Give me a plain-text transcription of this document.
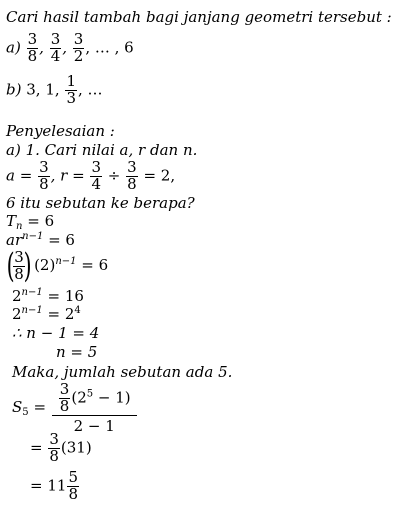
Cari hasil tambah bagi janjang geometri tersebut :
$a) \frac{3}{8}$ , $\frac{3}{4}$ , $\frac{3}{2}$ , … , 6
b) 3, 1, $\frac{1}{3}$ , …
Penyelesaian :
a) 1. Cari nilai a, r dan n.
$a = \frac{3}{8}$ , $r = \frac{3}{4} \div \frac{3}{8} = 2$,
6 itu sebutan ke berapa?
$T_n = 6$
$ar^{n-1} = 6$
(
$\frac{3}{8}$
) $(2)^{n-1} = 6$
$2^{n-1} = 16$
$2^{n-1} = 2^4$
∴ n − 1 = 4
n = 5
Maka, jumlah sebutan ada 5.
$S_5 = \frac{\frac{3}{8} (2^5 - 1)}{2 - 1}$
= $\frac{3}{8} (31)$
= $11 \frac{5}{8}$
